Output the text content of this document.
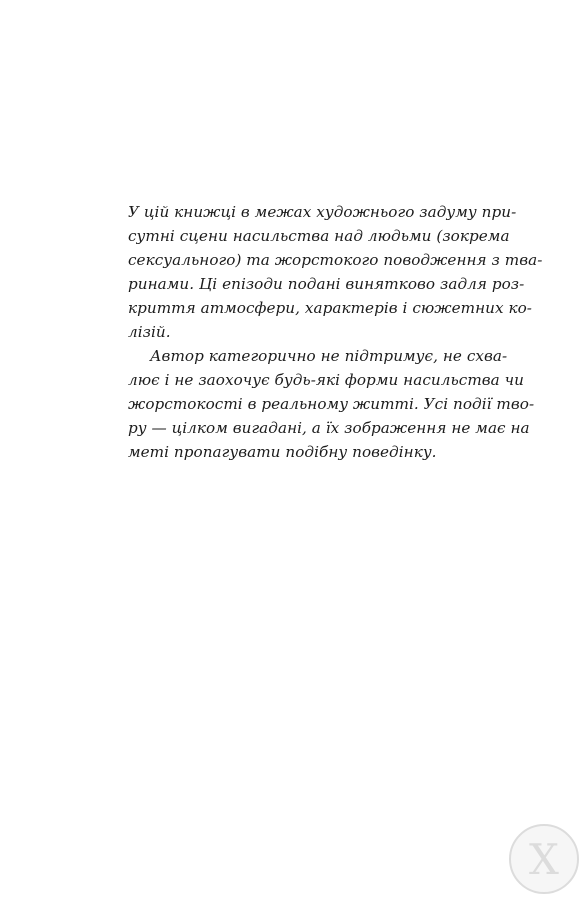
У цій книжці в межах художнього задуму при-
сутні сцени насильства над людьми (зокрема
сексуального) та жорстокого поводження з тва-
ринами. Ці епізоди подані винятково задля роз-
криття атмосфери, характерів і сюжетних ко-
лізій.

Автор категорично не підтримує, не схва-
лює і не заохочує будь-які форми насильства чи
жорстокості в реальному житті. Усі події тво-
ру — цілком вигадані, а їх зображення не має на
меті пропагувати подібну поведінку.

Х
